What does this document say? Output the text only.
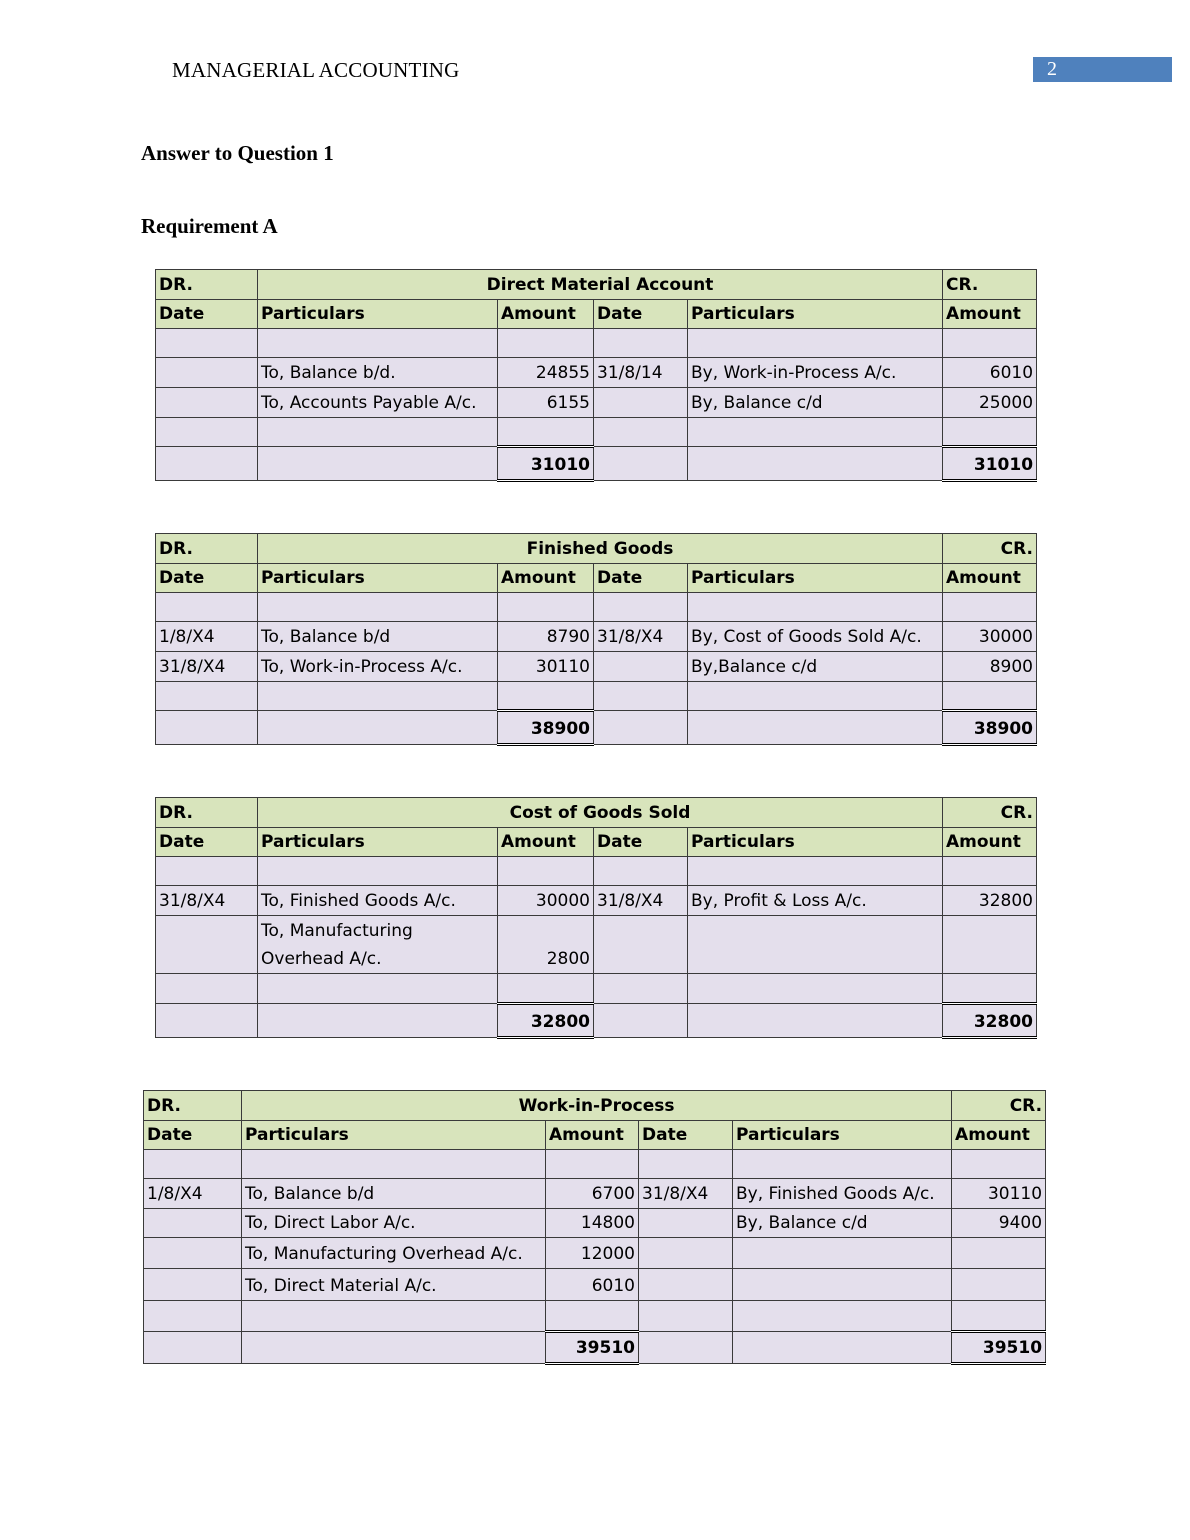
MANAGERIAL ACCOUNTING	2
Answer to Question 1
Requirement A
DR.	Direct Material Account				CR.
Date	Particulars	Amount	Date	Particulars	Amount

	To, Balance b/d.	24855	31/8/14	By, Work-in-Process A/c.	6010
	To, Accounts Payable A/c.	6155		By, Balance c/d	25000

		31010			31010
DR.	Finished Goods				CR.
Date	Particulars	Amount	Date	Particulars	Amount

1/8/X4	To, Balance b/d	8790	31/8/X4	By, Cost of Goods Sold A/c.	30000
31/8/X4	To, Work-in-Process A/c.	30110		By,Balance c/d	8900

		38900			38900
DR.	Cost of Goods Sold				CR.
Date	Particulars	Amount	Date	Particulars	Amount

31/8/X4	To, Finished Goods A/c.	30000	31/8/X4	By, Profit & Loss A/c.	32800

	To, Manufacturing
Overhead A/c.	2800			

		32800			32800
DR.	Work-in-Process				CR.
Date	Particulars	Amount	Date	Particulars	Amount

1/8/X4	To, Balance b/d	6700	31/8/X4	By, Finished Goods A/c.	30110
	To, Direct Labor A/c.	14800		By, Balance c/d	9400
	To, Manufacturing Overhead A/c.	12000			
	To, Direct Material A/c.	6010			

		39510			39510
